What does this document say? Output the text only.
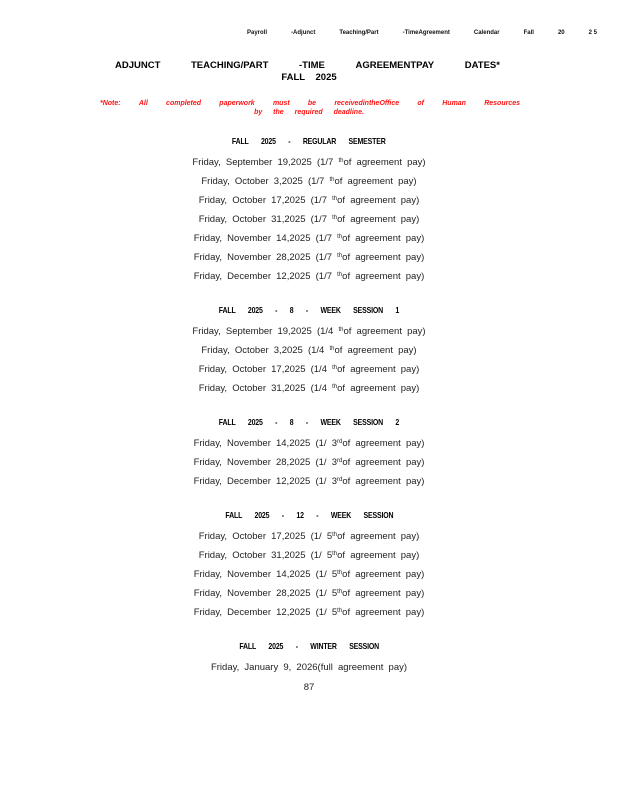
Payroll	-Adjunct	Teaching/Part	-TimeAgreement	Calendar	Fall	20	2 5
ADJUNCT	TEACHING/PART	-TIME	AGREEMENTPAY	DATES*
FALL 2025
*Note:	All	completed	paperwork	must	be	receivedintheOffice	of	Human	Resources
by the required deadline.
FALL 2025 - REGULAR SEMESTER
Friday, September 19,2025 (1/7 $^{th}$of agreement pay)
Friday, October 3,2025 (1/7 $^{th}$of agreement pay)
Friday, October 17,2025 (1/7 $^{th}$of agreement pay)
Friday, October 31,2025 (1/7 $^{th}$of agreement pay)
Friday, November 14,2025 (1/7 $^{th}$of agreement pay)
Friday, November 28,2025 (1/7 $^{th}$of agreement pay)
Friday, December 12,2025 (1/7 $^{th}$of agreement pay)
FALL 2025 - 8 - WEEK SESSION 1
Friday, September 19,2025 (1/4 $^{th}$of agreement pay)
Friday, October 3,2025 (1/4 $^{th}$of agreement pay)
Friday, October 17,2025 (1/4 $^{th}$of agreement pay)
Friday, October 31,2025 (1/4 $^{th}$of agreement pay)
FALL 2025 - 8 - WEEK SESSION 2
Friday, November 14,2025 (1/ 3rdof agreement pay)
Friday, November 28,2025 (1/ 3rdof agreement pay)
Friday, December 12,2025 (1/ 3rdof agreement pay)
FALL 2025 - 12 - WEEK SESSION
Friday, October 17,2025 (1/ 5thof agreement pay)
Friday, October 31,2025 (1/ 5thof agreement pay)
Friday, November 14,2025 (1/ 5thof agreement pay)
Friday, November 28,2025 (1/ 5thof agreement pay)
Friday, December 12,2025 (1/ 5thof agreement pay)
FALL 2025 - WINTER SESSION
Friday, January 9, 2026(full agreement pay)
87
